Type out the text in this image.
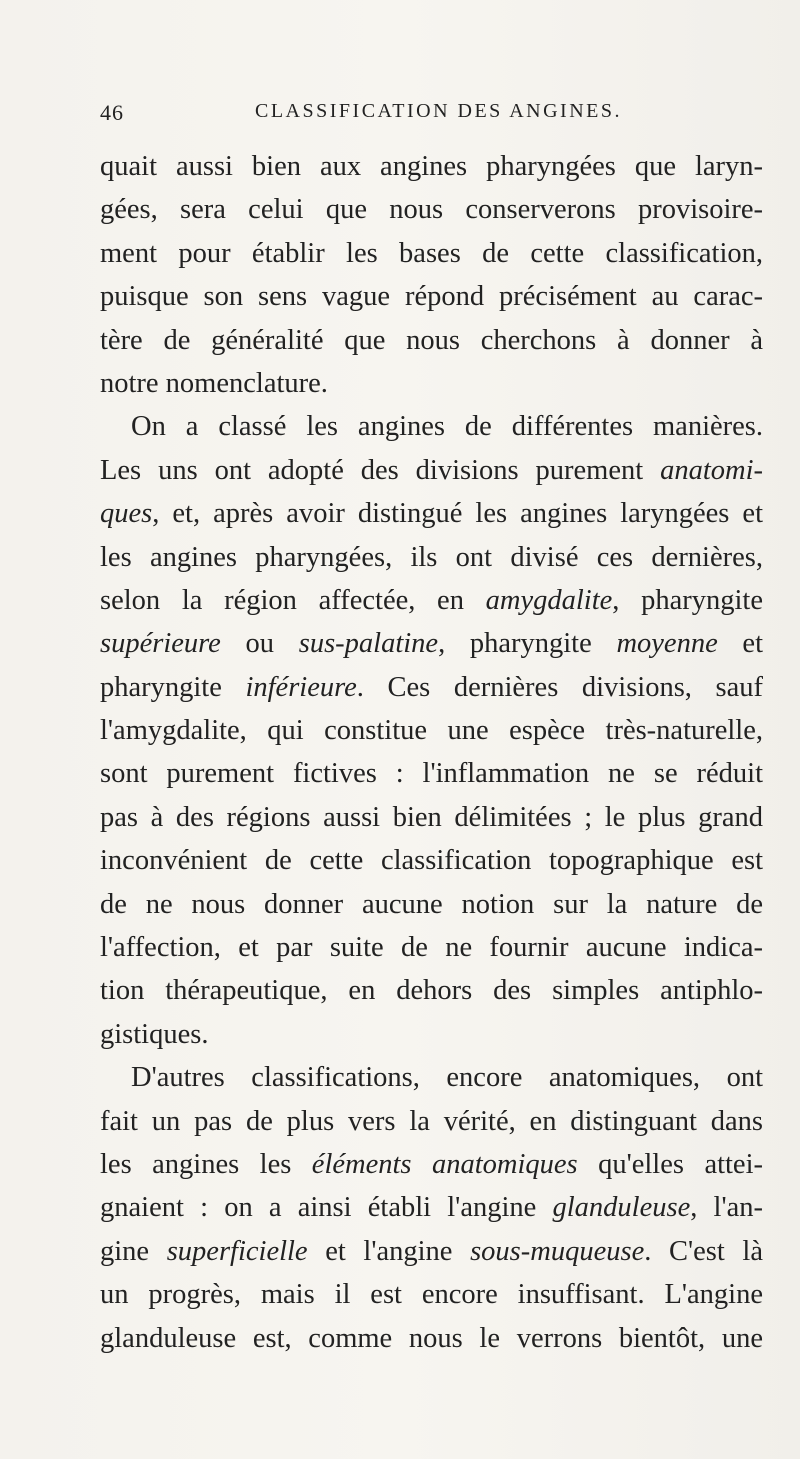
46	CLASSIFICATION DES ANGINES.
quait aussi bien aux angines pharyngées que laryn-
gées, sera celui que nous conserverons provisoire-
ment pour établir les bases de cette classification,
puisque son sens vague répond précisément au carac-
tère de généralité que nous cherchons à donner à
notre nomenclature.
On a classé les angines de différentes manières.
Les uns ont adopté des divisions purement anatomi-
ques, et, après avoir distingué les angines laryngées et
les angines pharyngées, ils ont divisé ces dernières,
selon la région affectée, en amygdalite, pharyngite
supérieure ou sus-palatine, pharyngite moyenne et
pharyngite inférieure. Ces dernières divisions, sauf
l'amygdalite, qui constitue une espèce très-naturelle,
sont purement fictives : l'inflammation ne se réduit
pas à des régions aussi bien délimitées ; le plus grand
inconvénient de cette classification topographique est
de ne nous donner aucune notion sur la nature de
l'affection, et par suite de ne fournir aucune indica-
tion thérapeutique, en dehors des simples antiphlo-
gistiques.
D'autres classifications, encore anatomiques, ont
fait un pas de plus vers la vérité, en distinguant dans
les angines les éléments anatomiques qu'elles attei-
gnaient : on a ainsi établi l'angine glanduleuse, l'an-
gine superficielle et l'angine sous-muqueuse. C'est là
un progrès, mais il est encore insuffisant. L'angine
glanduleuse est, comme nous le verrons bientôt, une
